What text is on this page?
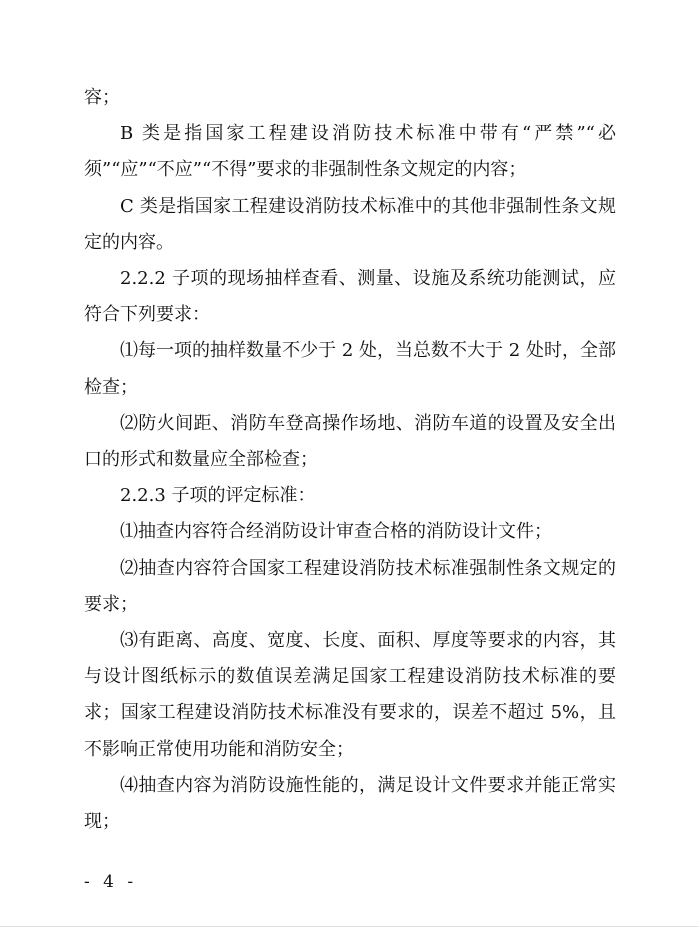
容；

B 类是指国家工程建设消防技术标准中带有“严禁”“必须”“应”“不应”“不得”要求的非强制性条文规定的内容；

C 类是指国家工程建设消防技术标准中的其他非强制性条文规定的内容。

2.2.2 子项的现场抽样查看、测量、设施及系统功能测试，应符合下列要求：

⑴每一项的抽样数量不少于 2 处，当总数不大于 2 处时，全部检查；

⑵防火间距、消防车登高操作场地、消防车道的设置及安全出口的形式和数量应全部检查；

2.2.3 子项的评定标准：

⑴抽查内容符合经消防设计审查合格的消防设计文件；

⑵抽查内容符合国家工程建设消防技术标准强制性条文规定的要求；

⑶有距离、高度、宽度、长度、面积、厚度等要求的内容，其与设计图纸标示的数值误差满足国家工程建设消防技术标准的要求；国家工程建设消防技术标准没有要求的，误差不超过 5%，且不影响正常使用功能和消防安全；

⑷抽查内容为消防设施性能的，满足设计文件要求并能正常实现；

- 4 -
